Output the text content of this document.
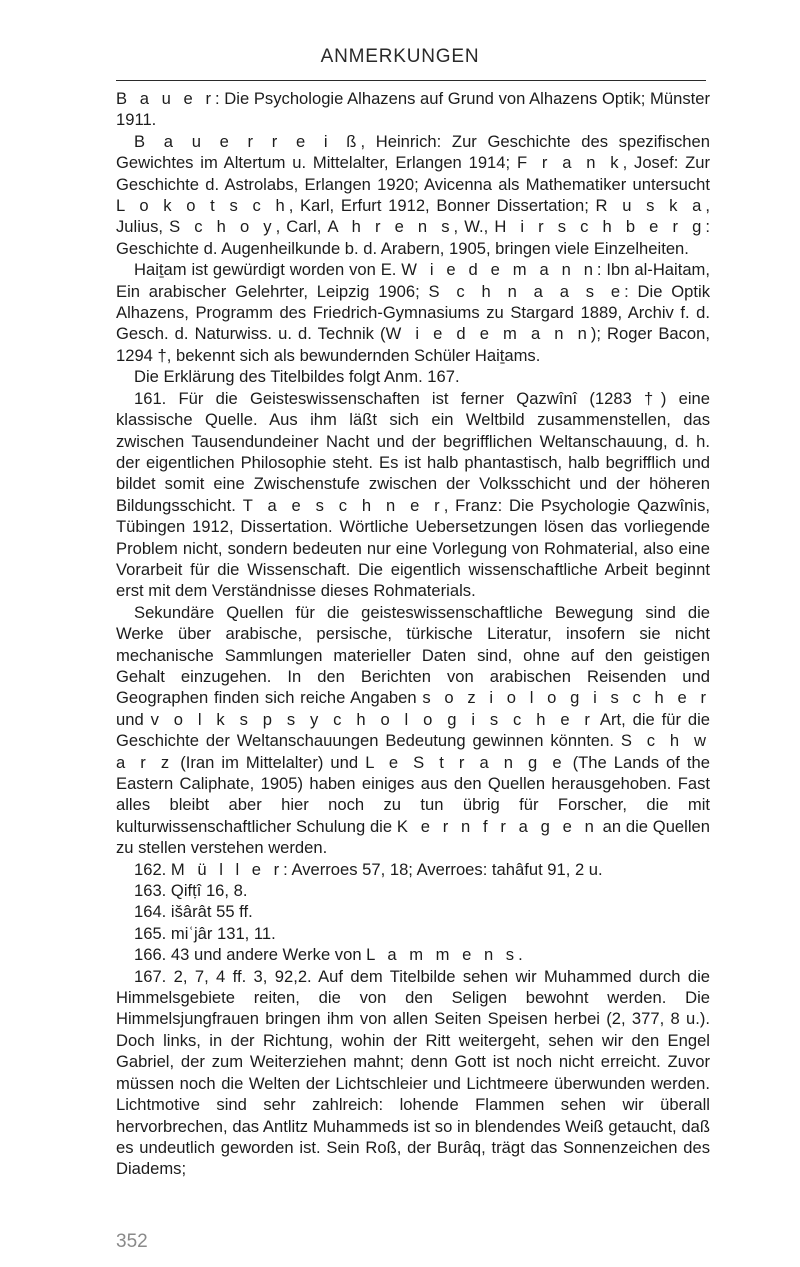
ANMERKUNGEN

B a u e r: Die Psychologie Alhazens auf Grund von Alhazens Optik; Münster 1911.

B a u e r r e i ß, Heinrich: Zur Geschichte des spezifischen Gewichtes im Altertum u. Mittelalter, Erlangen 1914; F r a n k, Josef: Zur Geschichte d. Astrolabs, Erlangen 1920; Avicenna als Mathematiker untersucht L o k o t s c h, Karl, Erfurt 1912, Bonner Dissertation; R u s k a, Julius, S c h o y, Carl, A h r e n s, W., H i r s c h b e r g: Geschichte d. Augenheilkunde b. d. Arabern, 1905, bringen viele Einzelheiten.

Haiṯam ist gewürdigt worden von E. W i e d e m a n n: Ibn al-Haitam, Ein arabischer Gelehrter, Leipzig 1906; S c h n a a s e: Die Optik Alhazens, Programm des Friedrich-Gymnasiums zu Stargard 1889, Archiv f. d. Gesch. d. Naturwiss. u. d. Technik (W i e d e m a n n); Roger Bacon, 1294 †, bekennt sich als bewundernden Schüler Haiṯams.

Die Erklärung des Titelbildes folgt Anm. 167.

161. Für die Geisteswissenschaften ist ferner Qazwînî (1283 †) eine klassische Quelle. Aus ihm läßt sich ein Weltbild zusammenstellen, das zwischen Tausendundeiner Nacht und der begrifflichen Weltanschauung, d. h. der eigentlichen Philosophie steht. Es ist halb phantastisch, halb begrifflich und bildet somit eine Zwischenstufe zwischen der Volksschicht und der höheren Bildungsschicht. T a e s c h n e r, Franz: Die Psychologie Qazwînis, Tübingen 1912, Dissertation. Wörtliche Uebersetzungen lösen das vorliegende Problem nicht, sondern bedeuten nur eine Vorlegung von Rohmaterial, also eine Vorarbeit für die Wissenschaft. Die eigentlich wissenschaftliche Arbeit beginnt erst mit dem Verständnisse dieses Rohmaterials.

Sekundäre Quellen für die geisteswissenschaftliche Bewegung sind die Werke über arabische, persische, türkische Literatur, insofern sie nicht mechanische Sammlungen materieller Daten sind, ohne auf den geistigen Gehalt einzugehen. In den Berichten von arabischen Reisenden und Geographen finden sich reiche Angaben s o z i o l o g i s c h e r und v o l k s p s y c h o l o g i s c h e r Art, die für die Geschichte der Weltanschauungen Bedeutung gewinnen könnten. S c h w a r z (Iran im Mittelalter) und L e S t r a n g e (The Lands of the Eastern Caliphate, 1905) haben einiges aus den Quellen herausgehoben. Fast alles bleibt aber hier noch zu tun übrig für Forscher, die mit kulturwissenschaftlicher Schulung die K e r n f r a g e n an die Quellen zu stellen verstehen werden.

162. M ü l l e r: Averroes 57, 18; Averroes: tahâfut 91, 2 u.

163. Qifṭî 16, 8.

164. išârât 55 ff.

165. miʿjâr 131, 11.

166. 43 und andere Werke von L a m m e n s.

167. 2, 7, 4 ff. 3, 92,2. Auf dem Titelbilde sehen wir Muhammed durch die Himmelsgebiete reiten, die von den Seligen bewohnt werden. Die Himmelsjungfrauen bringen ihm von allen Seiten Speisen herbei (2, 377, 8 u.). Doch links, in der Richtung, wohin der Ritt weitergeht, sehen wir den Engel Gabriel, der zum Weiterziehen mahnt; denn Gott ist noch nicht erreicht. Zuvor müssen noch die Welten der Lichtschleier und Lichtmeere überwunden werden. Lichtmotive sind sehr zahlreich: lohende Flammen sehen wir überall hervorbrechen, das Antlitz Muhammeds ist so in blendendes Weiß getaucht, daß es undeutlich geworden ist. Sein Roß, der Burâq, trägt das Sonnenzeichen des Diadems;

352
